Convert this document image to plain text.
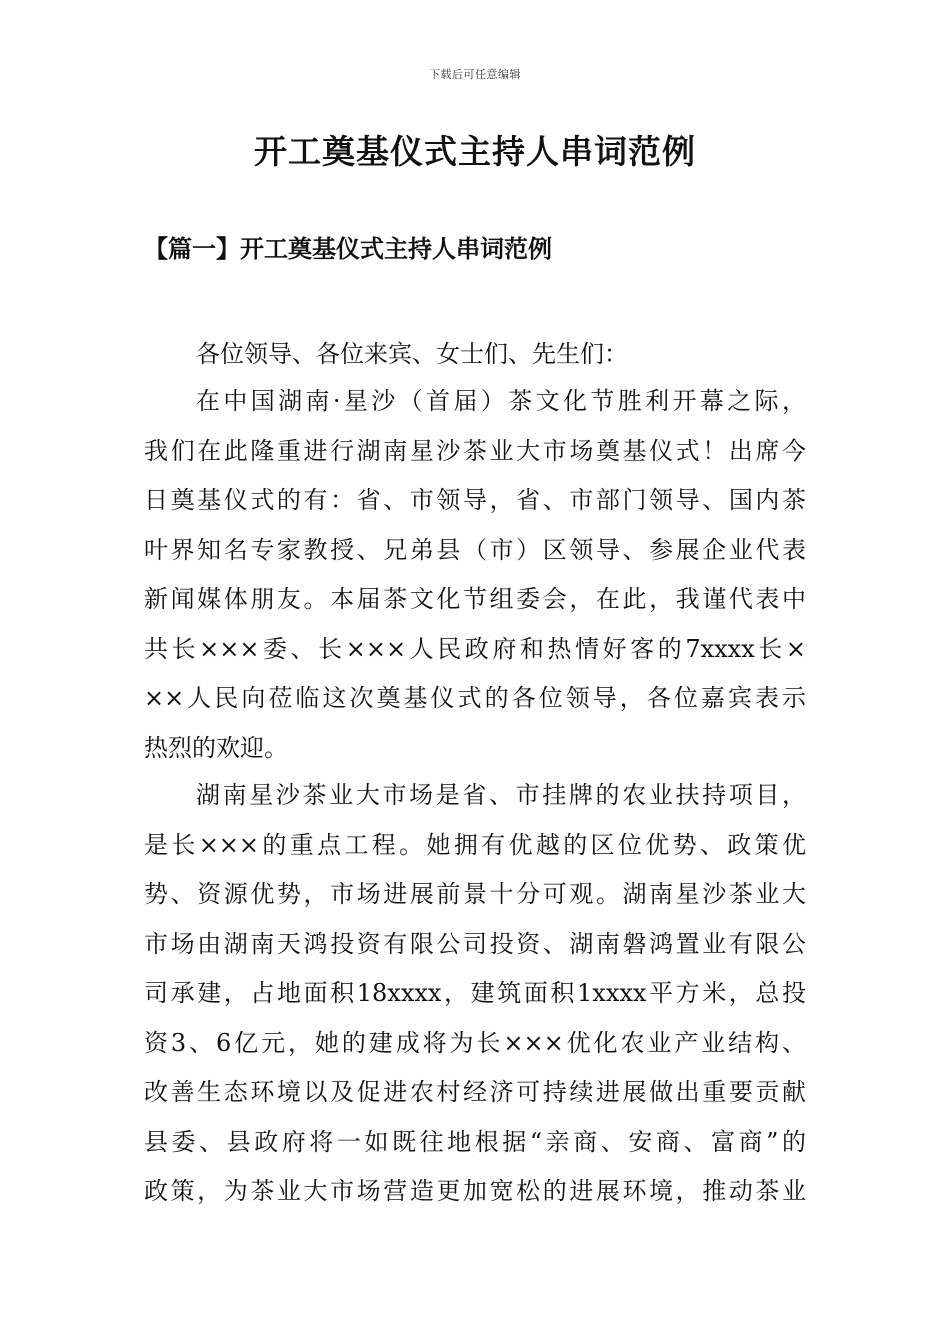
下载后可任意编辑
开工奠基仪式主持人串词范例
【篇一】开工奠基仪式主持人串词范例

各位领导、各位来宾、女士们、先生们：

在中国湖南·星沙（首届）茶文化节胜利开幕之际，
我们在此隆重进行湖南星沙茶业大市场奠基仪式！出席今
日奠基仪式的有：省、市领导，省、市部门领导、国内茶
叶界知名专家教授、兄弟县（市）区领导、参展企业代表
新闻媒体朋友。本届茶文化节组委会，在此，我谨代表中
共长×××委、长×××人民政府和热情好客的7xxxx长×
××人民向莅临这次奠基仪式的各位领导，各位嘉宾表示
热烈的欢迎。
湖南星沙茶业大市场是省、市挂牌的农业扶持项目，
是长×××的重点工程。她拥有优越的区位优势、政策优
势、资源优势，市场进展前景十分可观。湖南星沙茶业大
市场由湖南天鸿投资有限公司投资、湖南磐鸿置业有限公
司承建，占地面积18xxxx，建筑面积1xxxx平方米，总投
资3、6亿元，她的建成将为长×××优化农业产业结构、
改善生态环境以及促进农村经济可持续进展做出重要贡献
县委、县政府将一如既往地根据“亲商、安商、富商”的
政策，为茶业大市场营造更加宽松的进展环境，推动茶业
